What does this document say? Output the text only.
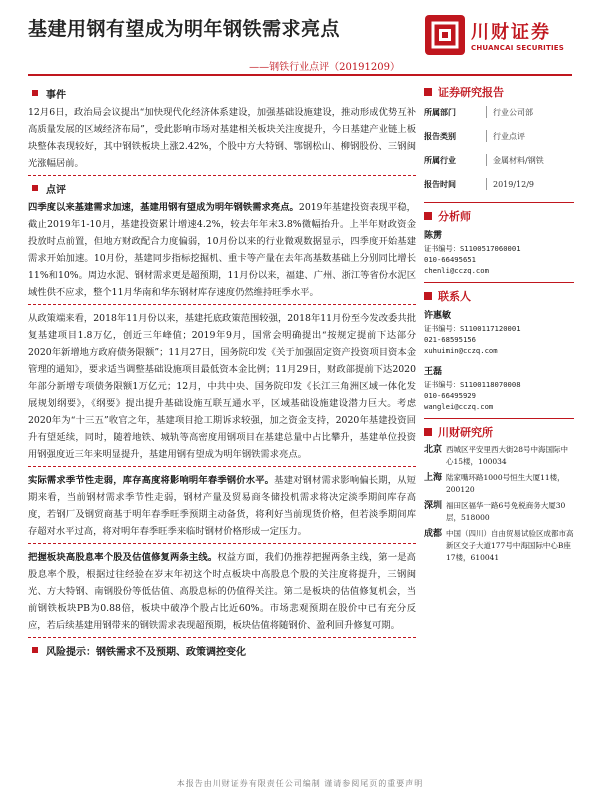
基建用钢有望成为明年钢铁需求亮点
——钢铁行业点评（20191209）
川财证券
CHUANCAI SECURITIES
事件
12月6日，政治局会议提出“加快现代化经济体系建设，加强基础设施建设，推动形成优势互补高质量发展的区域经济布局”，受此影响市场对基建相关板块关注度提升，今日基建产业链上板块整体表现较好，其中钢铁板块上涨2.42%，个股中方大特钢、鄂钢松山、柳钢股份、三钢闽光涨幅居前。
点评
四季度以来基建需求加速，基建用钢有望成为明年钢铁需求亮点。2019年基建投资表现平稳，截止2019年1-10月，基建投资累计增速4.2%，较去年年末3.8%微幅抬升。上半年财政资金投放时点前置，但地方财政配合力度偏弱，10月份以来的行业微观数据显示，四季度开始基建需求开始加速。10月份，基建同步指标挖掘机、重卡等产量在去年高基数基础上分别同比增长11%和10%。周边水泥、钢材需求更是超预期，11月份以来，福建、广州、浙江等省份水泥区域性供不应求，整个11月华南和华东钢材库存速度仍然维持旺季水平。
从政策端来看，2018年11月份以来，基建托底政策范围较强，2018年11月份至今发改委共批复基建项目1.8万亿，创近三年峰值；2019年9月，国常会明确提出“按规定提前下达部分2020年新增地方政府债务限额”；11月27日，国务院印发《关于加强固定资产投资项目资本金管理的通知》，要求适当调整基础设施项目最低资本金比例；11月29日，财政部提前下达2020年部分新增专项债务限额1万亿元；12月，中共中央、国务院印发《长江三角洲区域一体化发展规划纲要》，《纲要》提出提升基础设施互联互通水平，区域基础设施建设潜力巨大。考虑2020年为“十三五”收官之年，基建项目抢工期诉求较强，加之资金支持，2020年基建投资回升有望延续，同时，随着地铁、城轨等高密度用钢项目在基建总量中占比攀升，基建单位投资用钢强度近三年来明显提升，基建用钢有望成为明年钢铁需求亮点。
实际需求季节性走弱，库存高度将影响明年春季钢价水平。基建对钢材需求影响偏长期，从短期来看，当前钢材需求季节性走弱，钢材产量及贸易商冬储投机需求将决定淡季期间库存高度，若钢厂及钢贸商基于明年春季旺季预期主动备货，将利好当前现货价格，但若淡季期间库存超对水平过高，将对明年春季旺季来临时钢材价格形成一定压力。
把握板块高股息率个股及估值修复两条主线。权益方面，我们仍推荐把握两条主线，第一是高股息率个股，根据过往经验在岁末年初这个时点板块中高股息个股的关注度将提升，三钢闽光、方大特钢、南钢股份等低估值、高股息标的仍值得关注。第二是板块的估值修复机会，当前钢铁板块PB为0.88倍，板块中破净个股占比近60%。市场悲观预期在股价中已有充分反应，若后续基建用钢带来的钢铁需求表现超预期，板块估值将随钢价、盈利回升修复可期。
风险提示：钢铁需求不及预期、政策调控变化
证券研究报告
所属部门	行业公司部
报告类别	行业点评
所属行业	金属材料/钢铁
报告时间	2019/12/9
分析师
陈雳
证书编号：S1100517060001
010-66495651
chenli@cczq.com
联系人
许惠敏
证书编号：S1100117120001
021-68595156
xuhuimin@cczq.com
王磊
证书编号：S1100118070008
010-66495929
wanglei@cczq.com
川财研究所
北京 西城区平安里西大街28号中海国际中心15楼，100034
上海 陆家嘴环路1000号恒生大厦11楼，200120
深圳 福田区福华一路6号免税商务大厦30层，518000
成都 中国（四川）自由贸易试验区成都市高新区交子大道177号中海国际中心B座17楼，610041
本报告由川财证券有限责任公司编制 谨请参阅尾页的重要声明
